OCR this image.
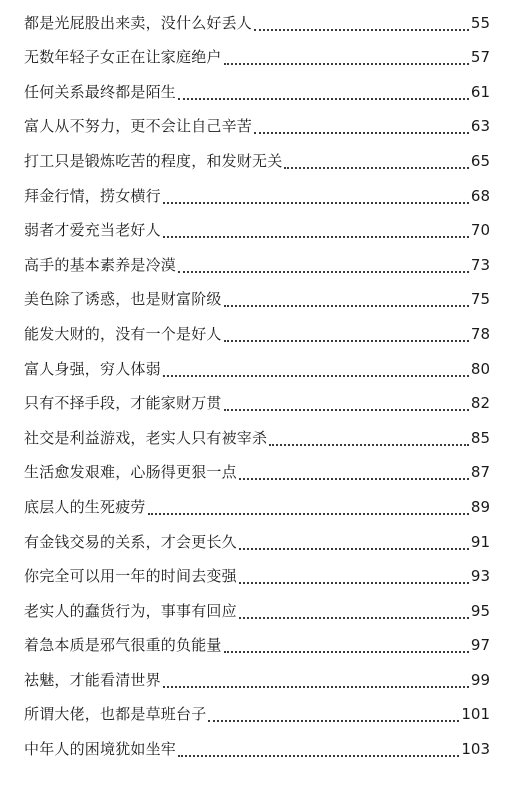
都是光屁股出来卖，没什么好丢人	55
无数年轻子女正在让家庭绝户	57
任何关系最终都是陌生	61
富人从不努力，更不会让自己辛苦	63
打工只是锻炼吃苦的程度，和发财无关	65
拜金行情，捞女横行	68
弱者才爱充当老好人	70
高手的基本素养是冷漠	73
美色除了诱惑，也是财富阶级	75
能发大财的，没有一个是好人	78
富人身强，穷人体弱	80
只有不择手段，才能家财万贯	82
社交是利益游戏，老实人只有被宰杀	85
生活愈发艰难，心肠得更狠一点	87
底层人的生死疲劳	89
有金钱交易的关系，才会更长久	91
你完全可以用一年的时间去变强	93
老实人的蠢货行为，事事有回应	95
着急本质是邪气很重的负能量	97
祛魅，才能看清世界	99
所谓大佬，也都是草班台子	101
中年人的困境犹如坐牢	103
